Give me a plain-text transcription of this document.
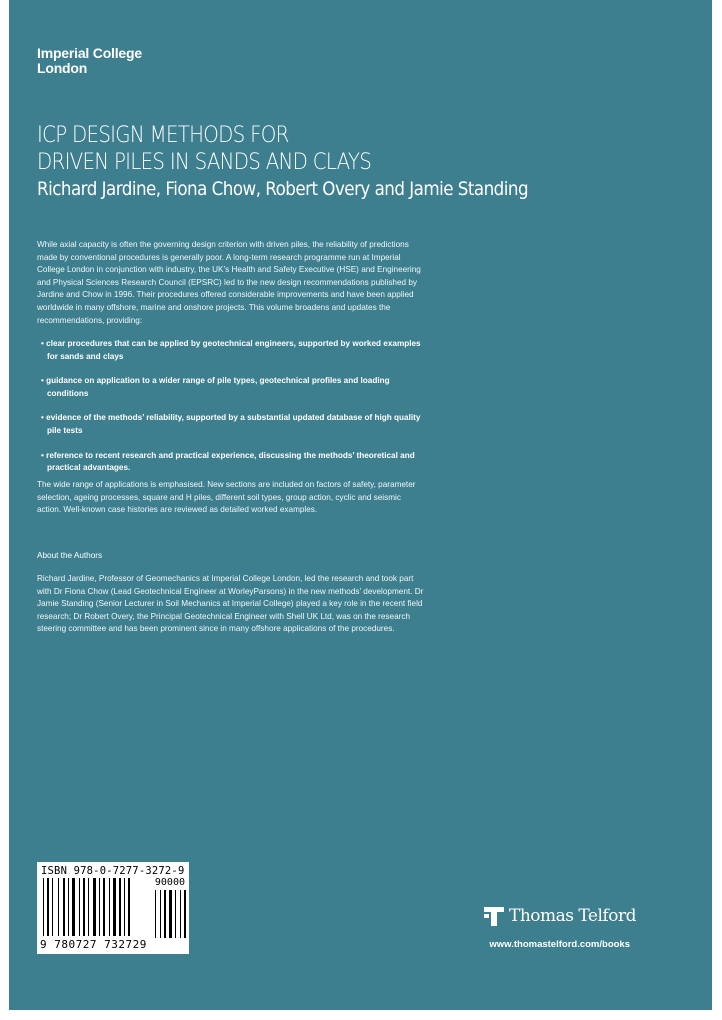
Imperial College
London
ICP DESIGN METHODS FOR
DRIVEN PILES IN SANDS AND CLAYS
Richard Jardine, Fiona Chow, Robert Overy and Jamie Standing
While axial capacity is often the governing design criterion with driven piles, the reliability of predictions made by conventional procedures is generally poor. A long-term research programme run at Imperial College London in conjunction with industry, the UK’s Health and Safety Executive (HSE) and Engineering and Physical Sciences Research Council (EPSRC) led to the new design recommendations published by Jardine and Chow in 1996. Their procedures offered considerable improvements and have been applied worldwide in many offshore, marine and onshore projects. This volume broadens and updates the recommendations, providing:
• clear procedures that can be applied by geotechnical engineers, supported by worked examples for sands and clays
• guidance on application to a wider range of pile types, geotechnical profiles and loading conditions
• evidence of the methods’ reliability, supported by a substantial updated database of high quality pile tests
• reference to recent research and practical experience, discussing the methods’ theoretical and practical advantages.
The wide range of applications is emphasised. New sections are included on factors of safety, parameter selection, ageing processes, square and H piles, different soil types, group action, cyclic and seismic action. Well-known case histories are reviewed as detailed worked examples.
About the Authors
Richard Jardine, Professor of Geomechanics at Imperial College London, led the research and took part with Dr Fiona Chow (Lead Geotechnical Engineer at WorleyParsons) in the new methods’ development. Dr Jamie Standing (Senior Lecturer in Soil Mechanics at Imperial College) played a key role in the recent field research; Dr Robert Overy, the Principal Geotechnical Engineer with Shell UK Ltd, was on the research steering committee and has been prominent since in many offshore applications of the procedures.
ISBN 978-0-7277-3272-9
90000
9 780727 732729
Thomas Telford
www.thomastelford.com/books
